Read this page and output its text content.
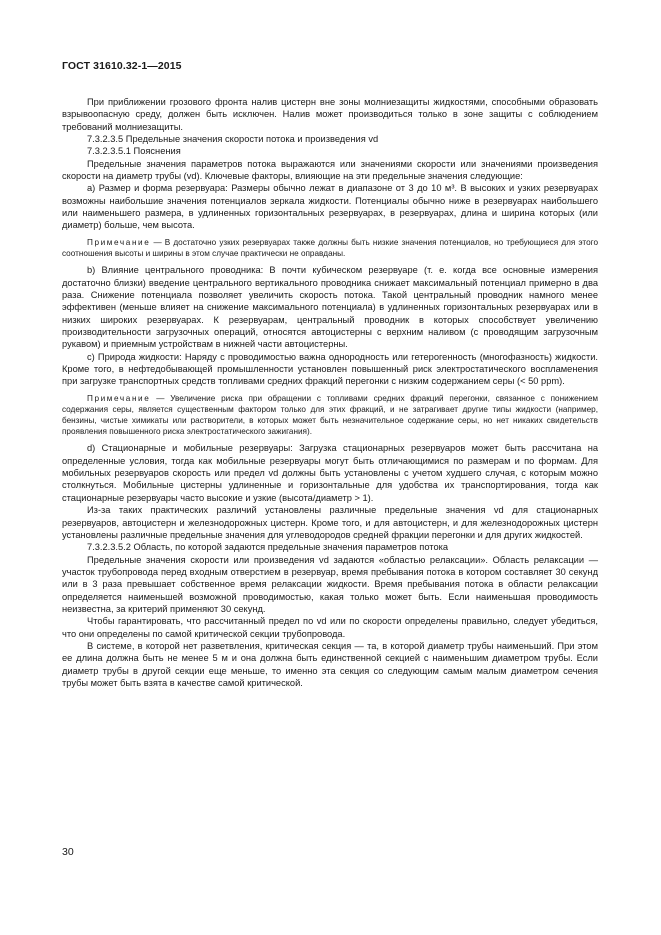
ГОСТ 31610.32-1—2015

При приближении грозового фронта налив цистерн вне зоны молниезащиты жидкостями, способными образовать взрывоопасную среду, должен быть исключен. Налив может производиться только в зоне защиты с соблюдением требований молниезащиты.

7.3.2.3.5 Предельные значения скорости потока и произведения vd

7.3.2.3.5.1 Пояснения

Предельные значения параметров потока выражаются или значениями скорости или значениями произведения скорости на диаметр трубы (vd). Ключевые факторы, влияющие на эти предельные значения следующие:

а) Размер и форма резервуара: Размеры обычно лежат в диапазоне от 3 до 10 м³. В высоких и узких резервуарах возможны наибольшие значения потенциалов зеркала жидкости. Потенциалы обычно ниже в резервуарах наибольшего или наименьшего размера, в удлиненных горизонтальных резервуарах, в резервуарах, длина и ширина которых (или диаметр) больше, чем высота.

Примечание — В достаточно узких резервуарах также должны быть низкие значения потенциалов, но требующиеся для этого соотношения высоты и ширины в этом случае практически не оправданы.

b) Влияние центрального проводника: В почти кубическом резервуаре (т. е. когда все основные измерения достаточно близки) введение центрального вертикального проводника снижает максимальный потенциал примерно в два раза. Снижение потенциала позволяет увеличить скорость потока. Такой центральный проводник намного менее эффективен (меньше влияет на снижение максимального потенциала) в удлиненных горизонтальных резервуарах или в низких широких резервуарах. К резервуарам, центральный проводник в которых способствует увеличению производительности загрузочных операций, относятся автоцистерны с верхним наливом (с проводящим загрузочным рукавом) и приемным устройствам в нижней части автоцистерны.

с) Природа жидкости: Наряду с проводимостью важна однородность или гетерогенность (многофазность) жидкости. Кроме того, в нефтедобывающей промышленности установлен повышенный риск электростатического воспламенения при загрузке транспортных средств топливами средних фракций перегонки с низким содержанием серы (< 50 ppm).

Примечание — Увеличение риска при обращении с топливами средних фракций перегонки, связанное с понижением содержания серы, является существенным фактором только для этих фракций, и не затрагивает другие типы жидкости (например, бензины, чистые химикаты или растворители, в которых может быть незначительное содержание серы, но нет никаких свидетельств проявления повышенного риска электростатического зажигания).

d) Стационарные и мобильные резервуары: Загрузка стационарных резервуаров может быть рассчитана на определенные условия, тогда как мобильные резервуары могут быть отличающимися по размерам и по формам. Для мобильных резервуаров скорость или предел vd должны быть установлены с учетом худшего случая, с которым можно столкнуться. Мобильные цистерны удлиненные и горизонтальные для удобства их транспортирования, тогда как стационарные резервуары часто высокие и узкие (высота/диаметр > 1).

Из-за таких практических различий установлены различные предельные значения vd для стационарных резервуаров, автоцистерн и железнодорожных цистерн. Кроме того, и для автоцистерн, и для железнодорожных цистерн установлены различные предельные значения для углеводородов средней фракции перегонки и для других жидкостей.

7.3.2.3.5.2 Область, по которой задаются предельные значения параметров потока

Предельные значения скорости или произведения vd задаются «областью релаксации». Область релаксации — участок трубопровода перед входным отверстием в резервуар, время пребывания потока в котором составляет 30 секунд или в 3 раза превышает собственное время релаксации жидкости. Время пребывания потока в области релаксации определяется наименьшей возможной проводимостью, какая только может быть. Если наименьшая проводимость неизвестна, за критерий применяют 30 секунд.

Чтобы гарантировать, что рассчитанный предел по vd или по скорости определены правильно, следует убедиться, что они определены по самой критической секции трубопровода.

В системе, в которой нет разветвления, критическая секция — та, в которой диаметр трубы наименьший. При этом ее длина должна быть не менее 5 м и она должна быть единственной секцией с наименьшим диаметром трубы. Если диаметр трубы в другой секции еще меньше, то именно эта секция со следующим самым малым диаметром сечения трубы может быть взята в качестве самой критической.

30
